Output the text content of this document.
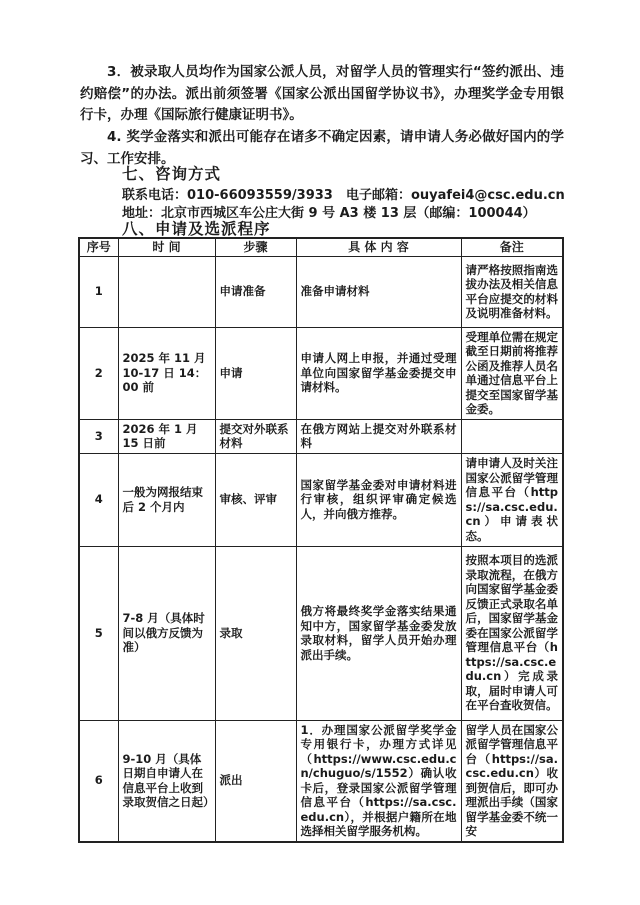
3．被录取人员均作为国家公派人员，对留学人员的管理实行“签约派出、违约赔偿”的办法。派出前须签署《国家公派出国留学协议书》，办理奖学金专用银行卡，办理《国际旅行健康证明书》。

4. 奖学金落实和派出可能存在诸多不确定因素，请申请人务必做好国内的学习、工作安排。

七、咨询方式
联系电话：010-66093559/3933 电子邮箱：ouyafei4@csc.edu.cn
地址：北京市西城区车公庄大街 9 号 A3 楼 13 层（邮编：100044）
八、申请及选派程序
序号	时 间	步骤	具 体 内 容	备注
1		申请准备	准备申请材料	请严格按照指南选拔办法及相关信息平台应提交的材料及说明准备材料。
2	2025 年 11 月 10-17 日 14：00 前	申请	申请人网上申报，并通过受理单位向国家留学基金委提交申请材料。	受理单位需在规定截至日期前将推荐公函及推荐人员名单通过信息平台上提交至国家留学基金委。
3	2026 年 1 月 15 日前	提交对外联系材料	在俄方网站上提交对外联系材料	
4	一般为网报结束后 2 个月内	审核、评审	国家留学基金委对申请材料进行审核，组织评审确定候选人，并向俄方推荐。	请申请人及时关注国家公派留学管理信息平台（https://sa.csc.edu.cn）申请表状态。
5	7-8 月（具体时间以俄方反馈为准）	录取	俄方将最终奖学金落实结果通知中方，国家留学基金委发放录取材料，留学人员开始办理派出手续。	按照本项目的选派录取流程，在俄方向国家留学基金委反馈正式录取名单后，国家留学基金委在国家公派留学管理信息平台（https://sa.csc.edu.cn）完成录取，届时申请人可在平台查收贺信。
6	9-10 月（具体日期自申请人在信息平台上收到录取贺信之日起）	派出	1．办理国家公派留学奖学金专用银行卡，办理方式详见（https://www.csc.edu.cn/chuguo/s/1552）确认收卡后，登录国家公派留学管理信息平台（https://sa.csc.edu.cn），并根据户籍所在地选择相关留学服务机构。	留学人员在国家公派留学管理信息平台（https://sa.csc.edu.cn）收到贺信后，即可办理派出手续（国家留学基金委不统一安
